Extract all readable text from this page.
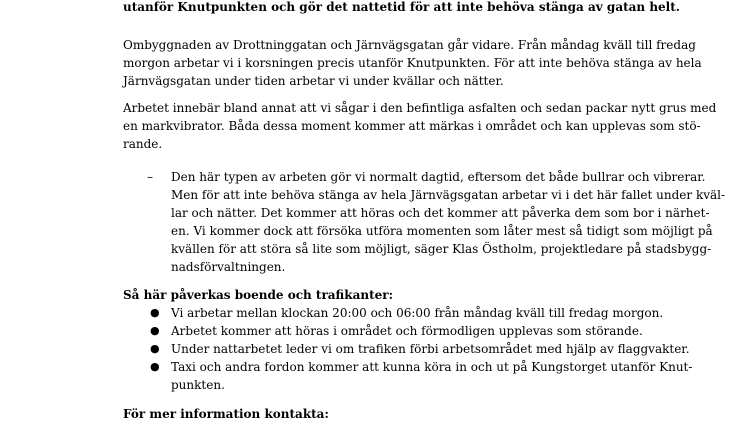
utanför Knutpunkten och gör det nattetid för att inte behöva stänga av gatan helt.
Ombyggnaden av Drottninggatan och Järnvägsgatan går vidare. Från måndag kväll till fredag
morgon arbetar vi i korsningen precis utanför Knutpunkten. För att inte behöva stänga av hela
Järnvägsgatan under tiden arbetar vi under kvällar och nätter.
Arbetet innebär bland annat att vi sågar i den befintliga asfalten och sedan packar nytt grus med
en markvibrator. Båda dessa moment kommer att märkas i området och kan upplevas som stö-
rande.
– Den här typen av arbeten gör vi normalt dagtid, eftersom det både bullrar och vibrerar.
Men för att inte behöva stänga av hela Järnvägsgatan arbetar vi i det här fallet under kväl-
lar och nätter. Det kommer att höras och det kommer att påverka dem som bor i närhet-
en. Vi kommer dock att försöka utföra momenten som låter mest så tidigt som möjligt på
kvällen för att störa så lite som möjligt, säger Klas Östholm, projektledare på stadsbygg-
nadsförvaltningen.
Så här påverkas boende och trafikanter:
● Vi arbetar mellan klockan 20:00 och 06:00 från måndag kväll till fredag morgon.
● Arbetet kommer att höras i området och förmodligen upplevas som störande.
● Under nattarbetet leder vi om trafiken förbi arbetsområdet med hjälp av flaggvakter.
● Taxi och andra fordon kommer att kunna köra in och ut på Kungstorget utanför Knut-
punkten.
För mer information kontakta:
